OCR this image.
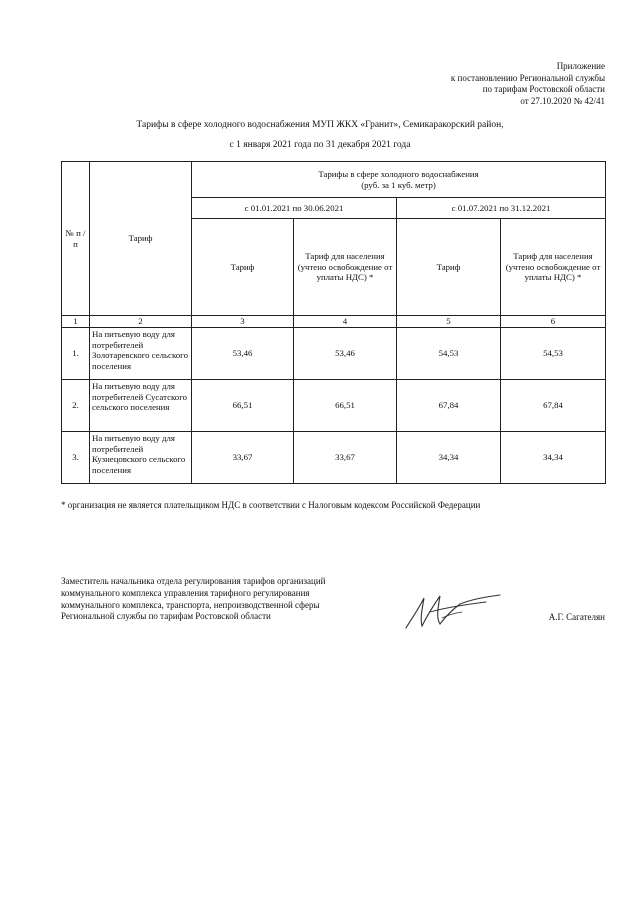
Приложение
к постановлению Региональной службы
по тарифам Ростовской области
от 27.10.2020 № 42/41
Тарифы в сфере холодного водоснабжения МУП ЖКХ «Гранит», Семикаракорский район,
с 1 января 2021 года по 31 декабря 2021 года
№ п /п	Тариф	Тарифы в сфере холодного водоснабжения
(руб. за 1 куб. метр)			

		с 01.01.2021 по 30.06.2021		с 01.07.2021 по 31.12.2021	
		Тариф	Тариф для населения (учтено освобождение от уплаты НДС) *	Тариф	Тариф для населения (учтено освобождение от уплаты НДС) *
1	2	3	4	5	6
1.	На питьевую воду для потребителей Золотаревского сельского поселения	53,46	53,46	54,53	54,53
2.	На питьевую воду для потребителей Сусатского сельского поселения	66,51	66,51	67,84	67,84
3.	На питьевую воду для потребителей Кузнецовского сельского поселения	33,67	33,67	34,34	34,34
* организация не является плательщиком НДС в соответствии с Налоговым кодексом Российской Федерации
Заместитель начальника отдела регулирования тарифов организаций
коммунального комплекса управления тарифного регулирования
коммунального комплекса, транспорта, непроизводственной сферы
Региональной службы по тарифам Ростовской области	А.Г. Сагателян
